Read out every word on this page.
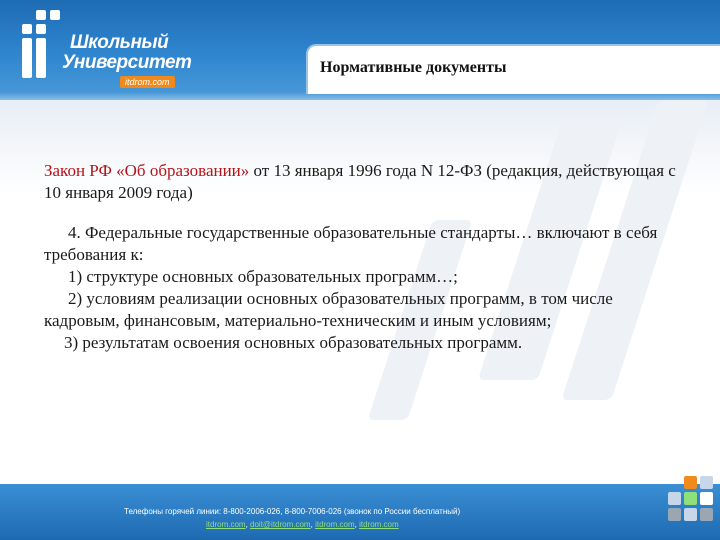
Школьный
Университет
itdrom.com
Нормативные документы

Закон РФ «Об образовании» от 13 января 1996 года N 12-ФЗ (редакция, действующая с 10 января 2009 года)

4. Федеральные государственные образовательные стандарты… включают в себя требования к:

1) структуре основных образовательных программ…;

2) условиям реализации основных образовательных программ, в том числе кадровым, финансовым, материально-техническим и иным условиям;

3) результатам освоения основных образовательных программ.

Телефоны горячей линии: 8-800-2006-026, 8-800-7006-026 (звонок по России бесплатный)
itdrom.com, doit@itdrom.com, itdrom.com, itdrom.com
